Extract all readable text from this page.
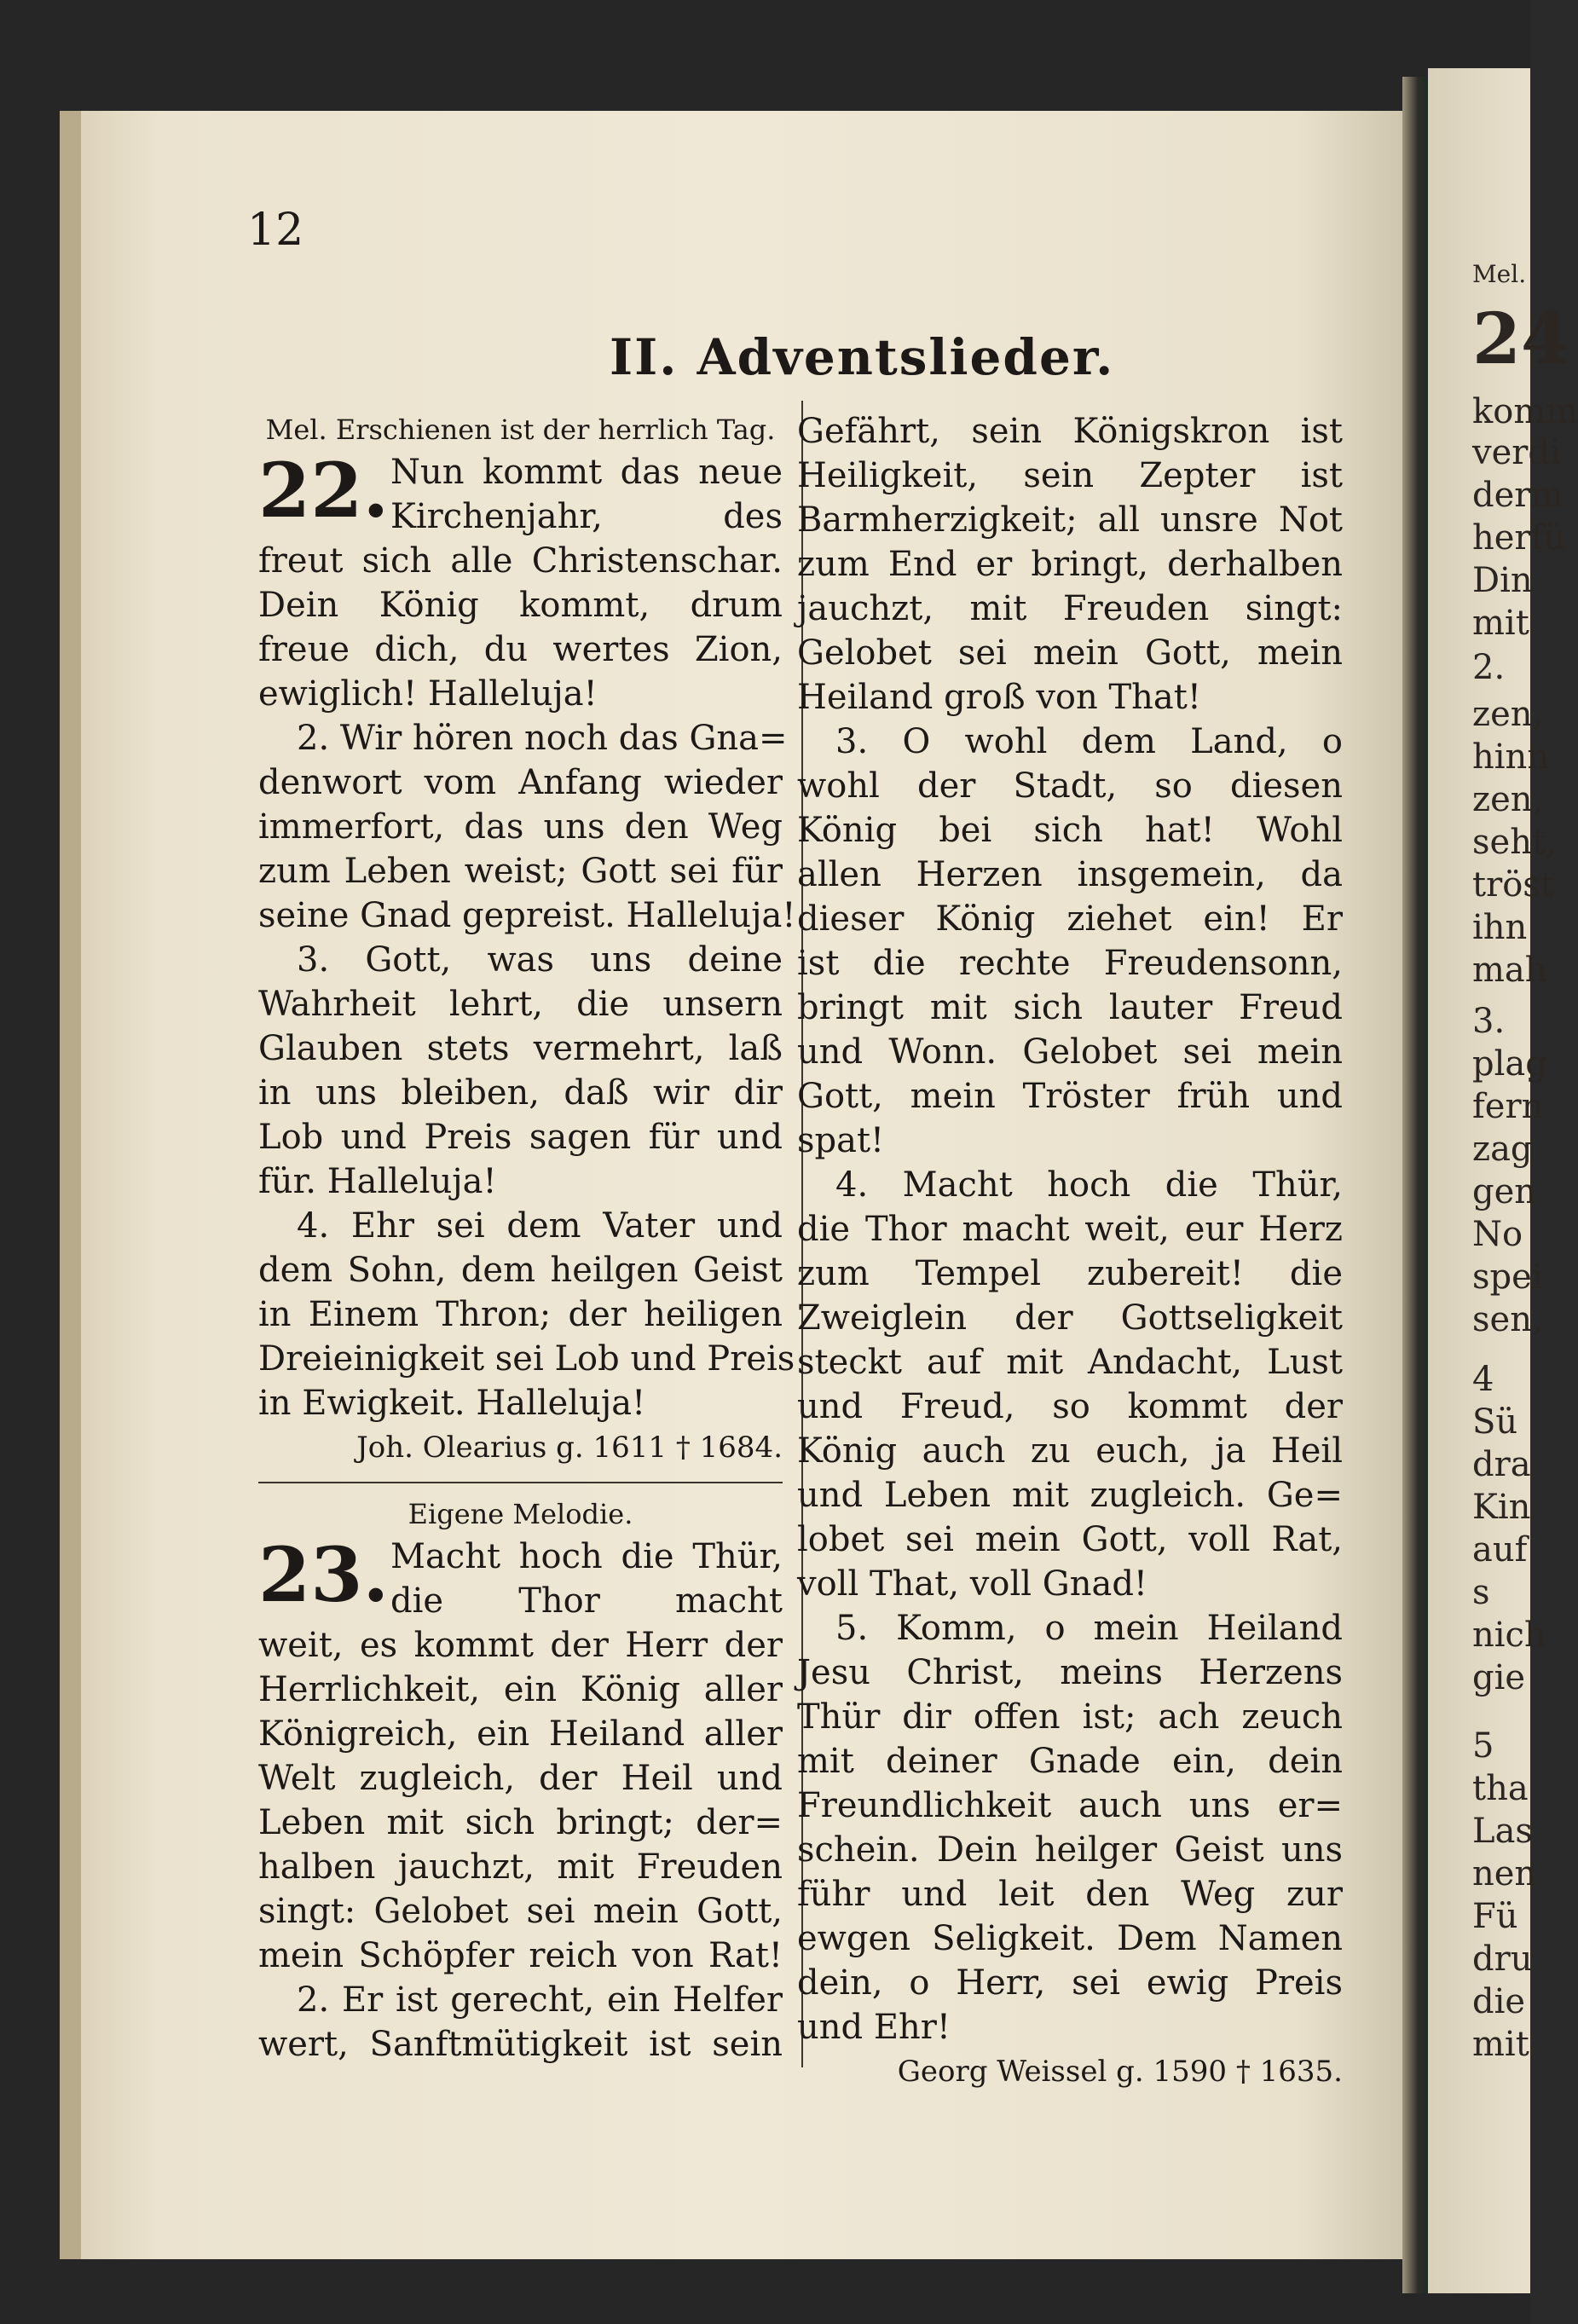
Mel.
24
komm
verdi
derm
herfü
Din
mit
2.
zen,
hinn
zen,
seht,
tröst
ihn
mah
3.
plag
fern
zag
gen
No
spei
sen,
4
Sü
dra
Kin
auf
s
nich
gie
5
tha
Las
nen
Fü
dru
die
mit
12
II. Adventslieder.
Mel. Erschienen ist der herrlich Tag.
22. Nun kommt das neue
Kirchenjahr, des
freut sich alle Christenschar.
Dein König kommt, drum
freue dich, du wertes Zion,
ewiglich! Halleluja!
2. Wir hören noch das Gna=
denwort vom Anfang wieder
immerfort, das uns den Weg
zum Leben weist; Gott sei für
seine Gnad gepreist. Halleluja!
3. Gott, was uns deine
Wahrheit lehrt, die unsern
Glauben stets vermehrt, laß
in uns bleiben, daß wir dir
Lob und Preis sagen für und
für. Halleluja!
4. Ehr sei dem Vater und
dem Sohn, dem heilgen Geist
in Einem Thron; der heiligen
Dreieinigkeit sei Lob und Preis
in Ewigkeit. Halleluja!
Joh. Olearius g. 1611 † 1684.
Eigene Melodie.
23. Macht hoch die Thür,
die Thor macht
weit, es kommt der Herr der
Herrlichkeit, ein König aller
Königreich, ein Heiland aller
Welt zugleich, der Heil und
Leben mit sich bringt; der=
halben jauchzt, mit Freuden
singt: Gelobet sei mein Gott,
mein Schöpfer reich von Rat!
2. Er ist gerecht, ein Helfer
wert, Sanftmütigkeit ist sein
Gefährt, sein Königskron ist
Heiligkeit, sein Zepter ist
Barmherzigkeit; all unsre Not
zum End er bringt, derhalben
jauchzt, mit Freuden singt:
Gelobet sei mein Gott, mein
Heiland groß von That!
3. O wohl dem Land, o
wohl der Stadt, so diesen
König bei sich hat! Wohl
allen Herzen insgemein, da
dieser König ziehet ein! Er
ist die rechte Freudensonn,
bringt mit sich lauter Freud
und Wonn. Gelobet sei mein
Gott, mein Tröster früh und
spat!
4. Macht hoch die Thür,
die Thor macht weit, eur Herz
zum Tempel zubereit! die
Zweiglein der Gottseligkeit
steckt auf mit Andacht, Lust
und Freud, so kommt der
König auch zu euch, ja Heil
und Leben mit zugleich. Ge=
lobet sei mein Gott, voll Rat,
voll That, voll Gnad!
5. Komm, o mein Heiland
Jesu Christ, meins Herzens
Thür dir offen ist; ach zeuch
mit deiner Gnade ein, dein
Freundlichkeit auch uns er=
schein. Dein heilger Geist uns
führ und leit den Weg zur
ewgen Seligkeit. Dem Namen
dein, o Herr, sei ewig Preis
und Ehr!
Georg Weissel g. 1590 † 1635.
